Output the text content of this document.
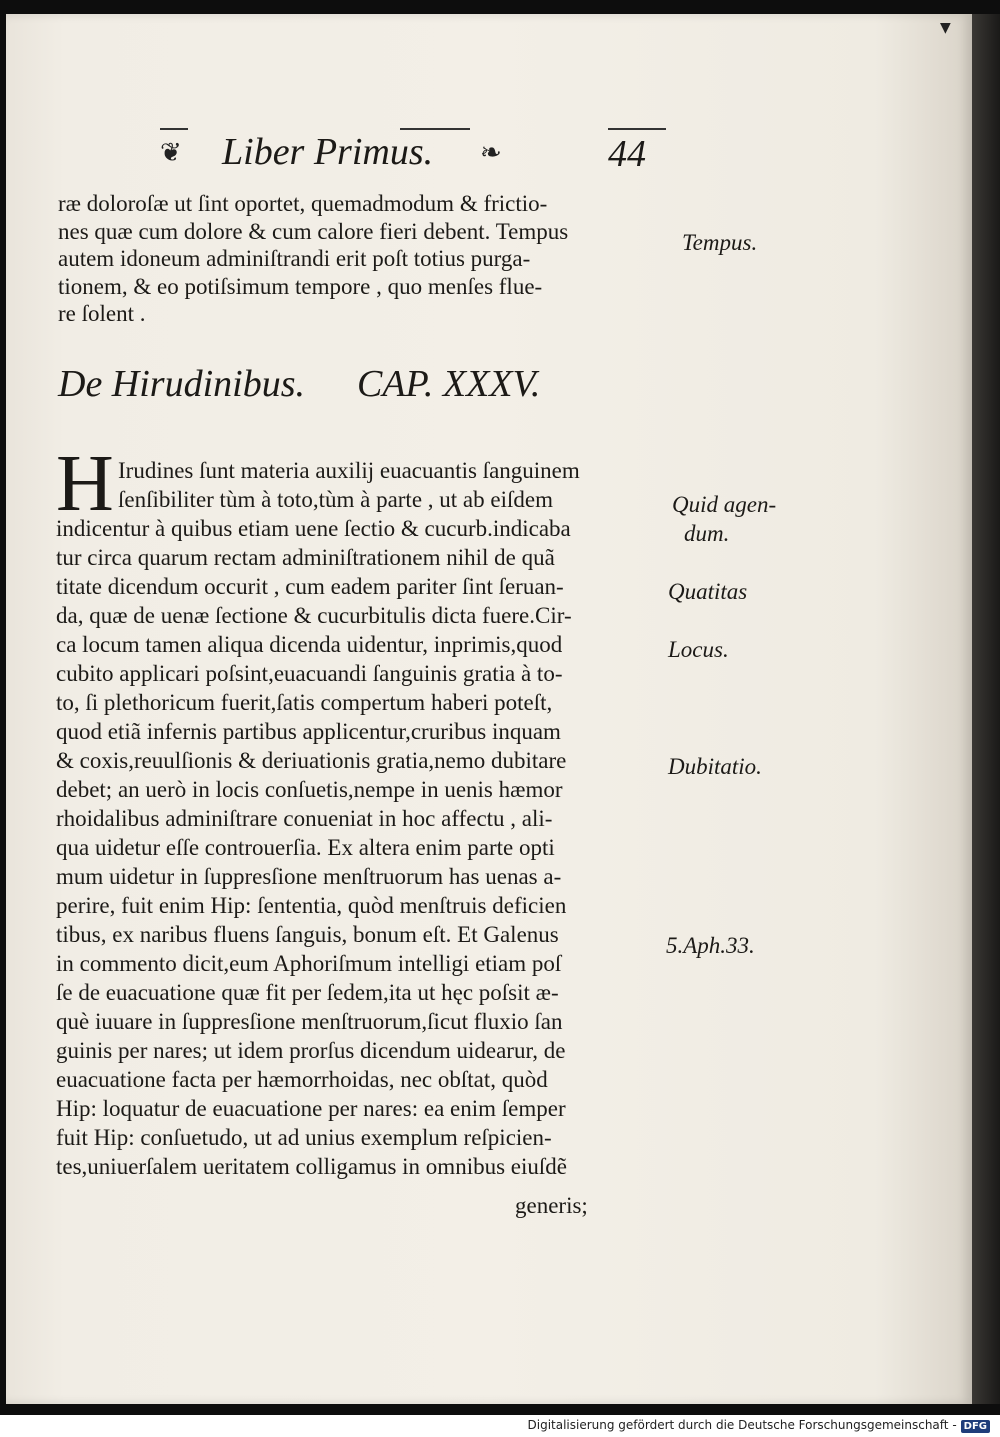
▼
❦ Liber Primus. ❧	44
ræ doloroſæ ut ſint oportet, quemadmodum & frictio-
nes quæ cum dolore & cum calore fieri debent. Tempus
autem idoneum adminiſtrandi erit poſt totius purga-
tionem, & eo potiſsimum tempore , quo menſes flue-
re ſolent .
De Hirudinibus. CAP. XXXV.
H Irudines ſunt materia auxilij euacuantis ſanguinem
ſenſibiliter tùm à toto,tùm à parte , ut ab eiſdem
indicentur à quibus etiam uene ſectio & cucurb.indicaba
tur circa quarum rectam adminiſtrationem nihil de quã
titate dicendum occurit , cum eadem pariter ſint ſeruan-
da, quæ de uenæ ſectione & cucurbitulis dicta fuere.Cir-
ca locum tamen aliqua dicenda uidentur, inprimis,quod
cubito applicari poſsint,euacuandi ſanguinis gratia à to-
to, ſi plethoricum fuerit,ſatis compertum haberi poteſt,
quod etiã infernis partibus applicentur,cruribus inquam
& coxis,reuulſionis & deriuationis gratia,nemo dubitare
debet; an uerò in locis conſuetis,nempe in uenis hæmor
rhoidalibus adminiſtrare conueniat in hoc affectu , ali-
qua uidetur eſſe controuerſia. Ex altera enim parte opti
mum uidetur in ſuppresſione menſtruorum has uenas a-
perire, fuit enim Hip: ſententia, quòd menſtruis deficien
tibus, ex naribus fluens ſanguis, bonum eſt. Et Galenus
in commento dicit,eum Aphoriſmum intelligi etiam poſ
ſe de euacuatione quæ fit per ſedem,ita ut hęc poſsit æ-
què iuuare in ſuppresſione menſtruorum,ſicut fluxio ſan
guinis per nares; ut idem prorſus dicendum uidearur, de
euacuatione facta per hæmorrhoidas, nec obſtat, quòd
Hip: loquatur de euacuatione per nares: ea enim ſemper
fuit Hip: conſuetudo, ut ad unius exemplum reſpicien-
tes,uniuerſalem ueritatem colligamus in omnibus eiuſdẽ
generis;
Tempus.
Quid agen-
dum.
Quatitas
Locus.
Dubitatio.
5.Aph.33.
Digitalisierung gefördert durch die Deutsche Forschungsgemeinschaft - DFG
